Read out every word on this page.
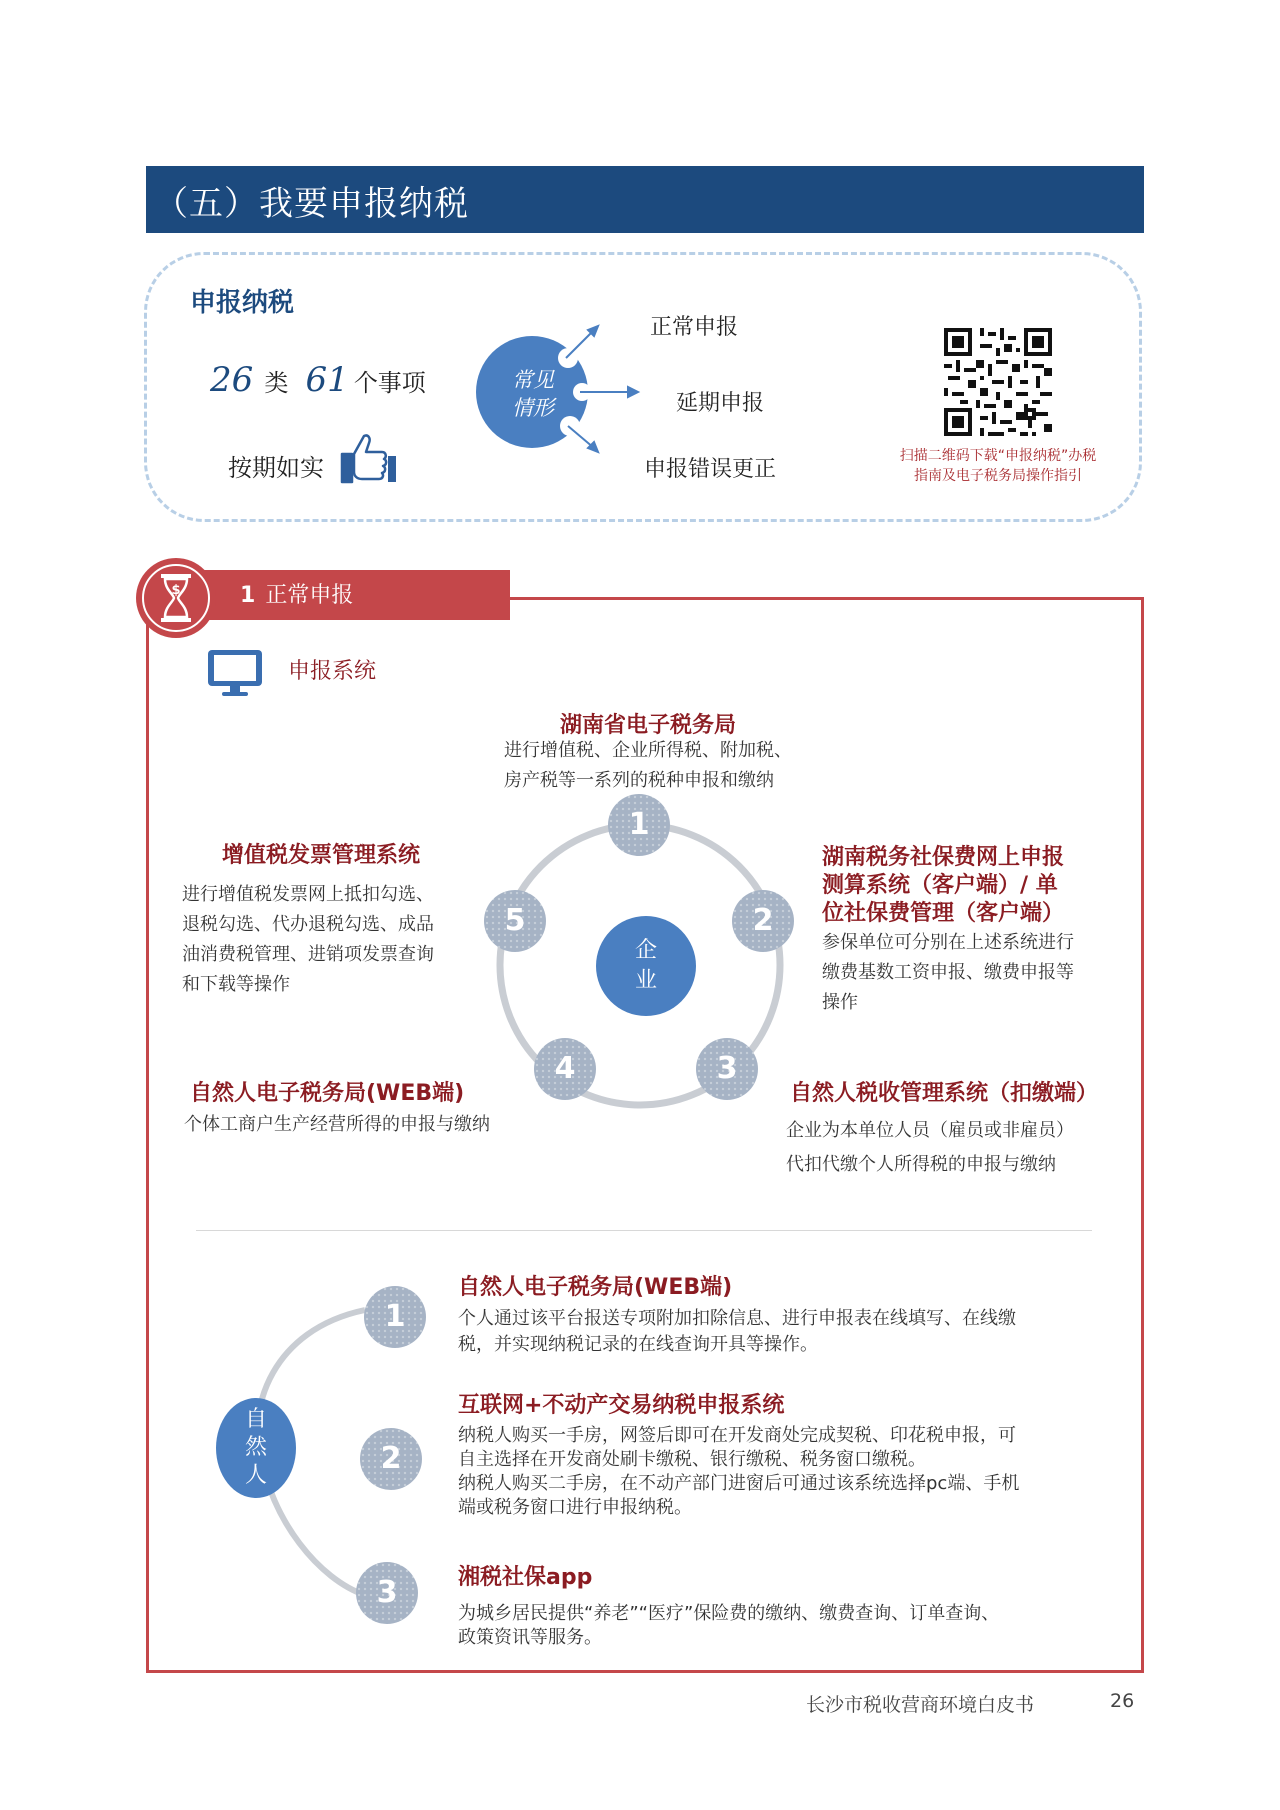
（五）我要申报纳税
申报纳税
26 类 61 个事项
按期如实
常见
情形
正常申报
延期申报
申报错误更正
扫描二维码下载“申报纳税”办税
指南及电子税务局操作指引
$	1 正常申报
申报系统
企
业
1
2
3
4
5
湖南省电子税务局
进行增值税、企业所得税、附加税、
房产税等一系列的税种申报和缴纳
湖南税务社保费网上申报
测算系统（客户端）/ 单
位社保费管理（客户端）
参保单位可分别在上述系统进行
缴费基数工资申报、缴费申报等
操作
增值税发票管理系统
进行增值税发票网上抵扣勾选、
退税勾选、代办退税勾选、成品
油消费税管理、进销项发票查询
和下载等操作
自然人电子税务局(WEB端)
个体工商户生产经营所得的申报与缴纳
自然人税收管理系统（扣缴端）
企业为本单位人员（雇员或非雇员）
代扣代缴个人所得税的申报与缴纳
自
然
人
1
2
3
自然人电子税务局(WEB端)
个人通过该平台报送专项附加扣除信息、进行申报表在线填写、在线缴
税，并实现纳税记录的在线查询开具等操作。
互联网+不动产交易纳税申报系统
纳税人购买一手房，网签后即可在开发商处完成契税、印花税申报，可
自主选择在开发商处刷卡缴税、银行缴税、税务窗口缴税。
纳税人购买二手房，在不动产部门进窗后可通过该系统选择pc端、手机
端或税务窗口进行申报纳税。
湘税社保app
为城乡居民提供“养老”“医疗”保险费的缴纳、缴费查询、订单查询、
政策资讯等服务。
长沙市税收营商环境白皮书	26
